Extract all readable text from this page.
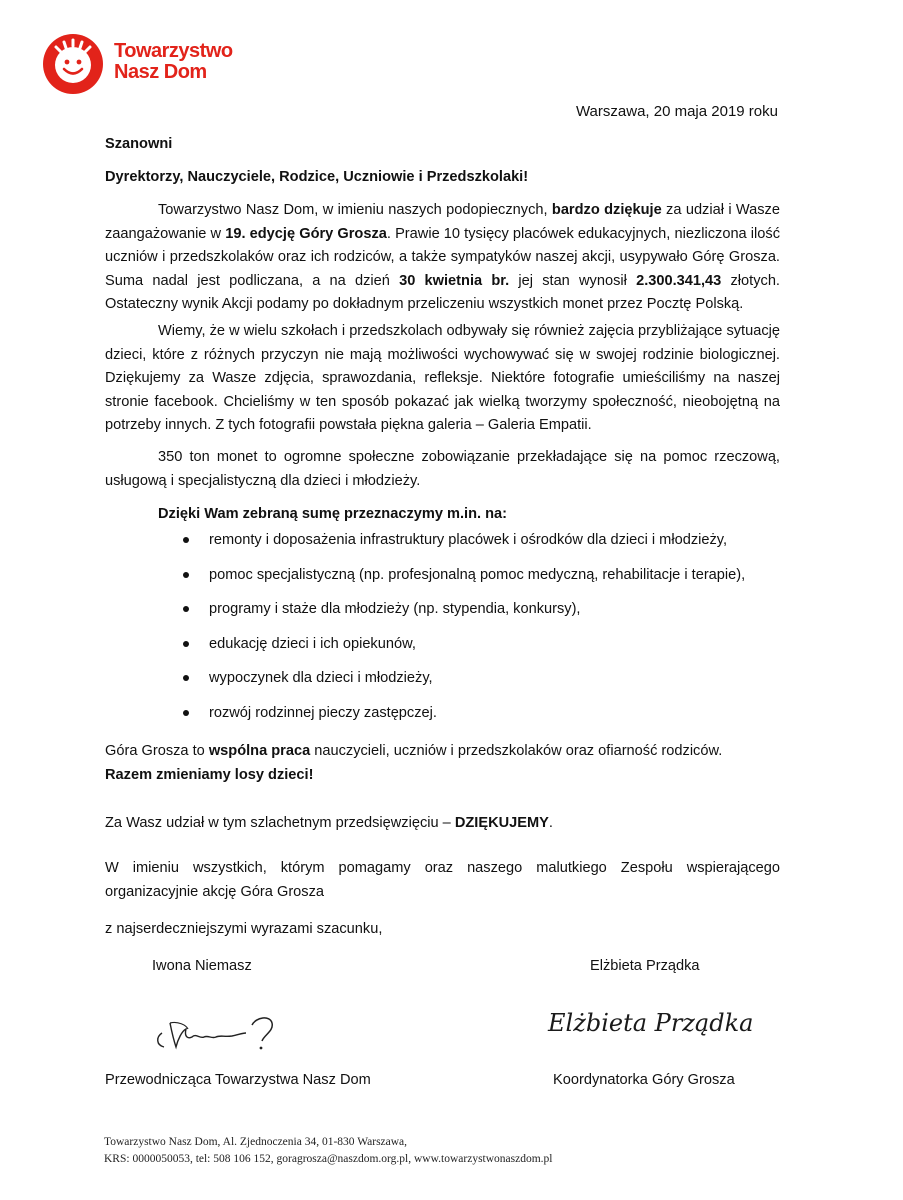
Towarzystwo
Nasz Dom
Warszawa, 20 maja 2019 roku
Szanowni
Dyrektorzy, Nauczyciele, Rodzice, Uczniowie i Przedszkolaki!
Towarzystwo Nasz Dom, w imieniu naszych podopiecznych, bardzo dziękuje za udział i Wasze zaangażowanie w 19. edycję Góry Grosza. Prawie 10 tysięcy placówek edukacyjnych, niezliczona ilość uczniów i przedszkolaków oraz ich rodziców, a także sympatyków naszej akcji, usypywało Górę Grosza. Suma nadal jest podliczana, a na dzień 30 kwietnia br. jej stan wynosił 2.300.341,43 złotych. Ostateczny wynik Akcji podamy po dokładnym przeliczeniu wszystkich monet przez Pocztę Polską.
Wiemy, że w wielu szkołach i przedszkolach odbywały się również zajęcia przybliżające sytuację dzieci, które z różnych przyczyn nie mają możliwości wychowywać się w swojej rodzinie biologicznej. Dziękujemy za Wasze zdjęcia, sprawozdania, refleksje. Niektóre fotografie umieściliśmy na naszej stronie facebook. Chcieliśmy w ten sposób pokazać jak wielką tworzymy społeczność, nieobojętną na potrzeby innych. Z tych fotografii powstała piękna galeria – Galeria Empatii.
350 ton monet to ogromne społeczne zobowiązanie przekładające się na pomoc rzeczową, usługową i specjalistyczną dla dzieci i młodzieży.
Dzięki Wam zebraną sumę przeznaczymy m.in. na:
remonty i doposażenia infrastruktury placówek i ośrodków dla dzieci i młodzieży,
pomoc specjalistyczną (np. profesjonalną pomoc medyczną, rehabilitacje i terapie),
programy i staże dla młodzieży (np. stypendia, konkursy),
edukację dzieci i ich opiekunów,
wypoczynek dla dzieci i młodzieży,
rozwój rodzinnej pieczy zastępczej.
Góra Grosza to wspólna praca nauczycieli, uczniów i przedszkolaków oraz ofiarność rodziców.
Razem zmieniamy losy dzieci!
Za Wasz udział w tym szlachetnym przedsięwzięciu – DZIĘKUJEMY.
W imieniu wszystkich, którym pomagamy oraz naszego malutkiego Zespołu wspierającego organizacyjnie akcję Góra Grosza
z najserdeczniejszymi wyrazami szacunku,
Iwona Niemasz	Elżbieta Prządka
Elżbieta Prządka
Przewodnicząca Towarzystwa Nasz Dom	Koordynatorka Góry Grosza
Towarzystwo Nasz Dom, Al. Zjednoczenia 34, 01-830 Warszawa,
KRS: 0000050053, tel: 508 106 152, goragrosza@naszdom.org.pl, www.towarzystwonaszdom.pl
